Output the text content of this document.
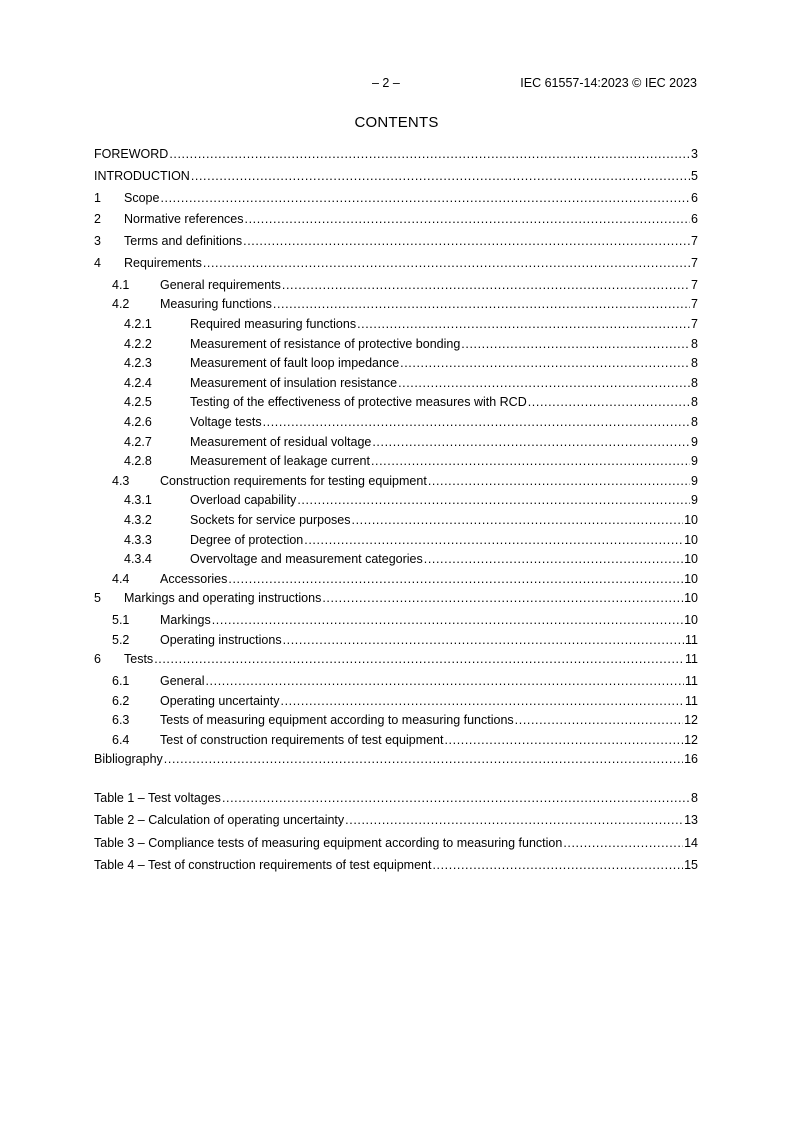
– 2 –	IEC 61557-14:2023 © IEC 2023
CONTENTS
FOREWORD .....	3
INTRODUCTION .....	5
1	Scope .....	6
2	Normative references .....	6
3	Terms and definitions .....	7
4	Requirements .....	7
4.1	General requirements .....	7
4.2	Measuring functions .....	7
4.2.1	Required measuring functions .....	7
4.2.2	Measurement of resistance of protective bonding .....	8
4.2.3	Measurement of fault loop impedance .....	8
4.2.4	Measurement of insulation resistance .....	8
4.2.5	Testing of the effectiveness of protective measures with RCD .....	8
4.2.6	Voltage tests .....	8
4.2.7	Measurement of residual voltage .....	9
4.2.8	Measurement of leakage current .....	9
4.3	Construction requirements for testing equipment .....	9
4.3.1	Overload capability .....	9
4.3.2	Sockets for service purposes .....	10
4.3.3	Degree of protection .....	10
4.3.4	Overvoltage and measurement categories .....	10
4.4	Accessories .....	10
5	Markings and operating instructions .....	10
5.1	Markings .....	10
5.2	Operating instructions .....	11
6	Tests .....	11
6.1	General .....	11
6.2	Operating uncertainty .....	11
6.3	Tests of measuring equipment according to measuring functions .....	12
6.4	Test of construction requirements of test equipment .....	12
Bibliography .....	16
Table 1 – Test voltages .....	8
Table 2 – Calculation of operating uncertainty .....	13
Table 3 – Compliance tests of measuring equipment according to measuring function .....	14
Table 4 – Test of construction requirements of test equipment .....	15
